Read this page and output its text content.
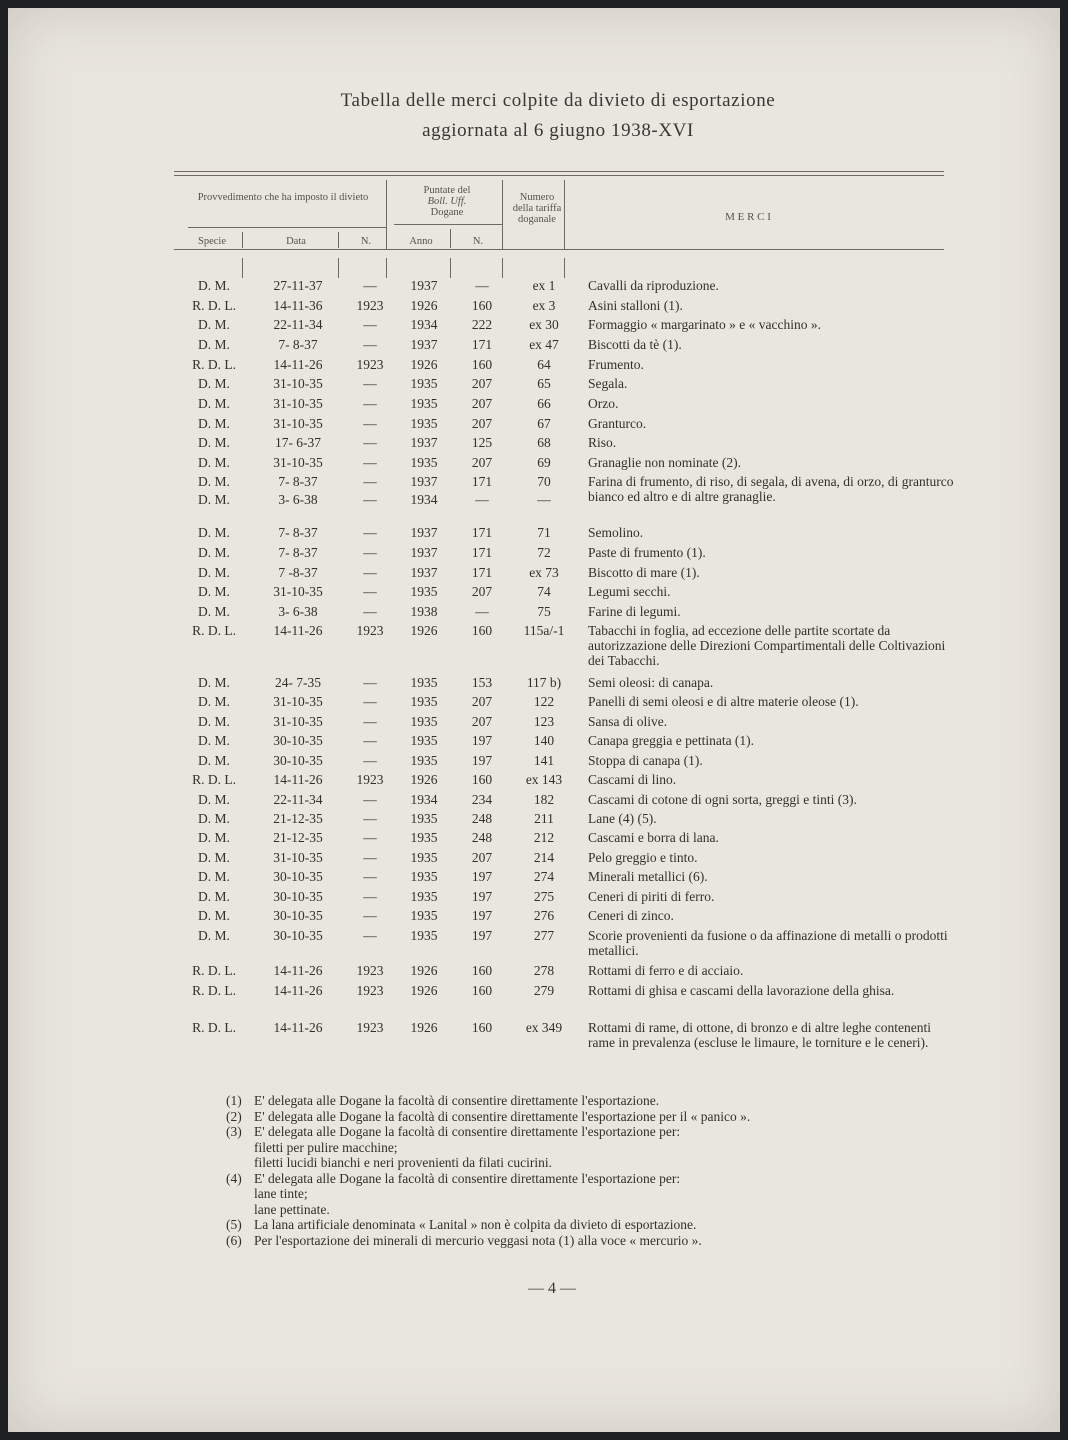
Tabella delle merci colpite da divieto di esportazione
aggiornata al 6 giugno 1938-XVI
Provvedimento che ha imposto il divieto
Puntate del
Boll. Uff.
Dogane
Numero della tariffa doganale	M E R C I
Specie	Data	N.	Anno	N.
D. M.	27-11-37	—	1937	—	ex 1	Cavalli da riproduzione.
R. D. L.	14-11-36	1923	1926	160	ex 3	Asini stalloni (1).
D. M.	22-11-34	—	1934	222	ex 30	Formaggio « margarinato » e « vacchino ».
D. M.	7- 8-37	—	1937	171	ex 47	Biscotti da tè (1).
R. D. L.	14-11-26	1923	1926	160	64	Frumento.
D. M.	31-10-35	—	1935	207	65	Segala.
D. M.	31-10-35	—	1935	207	66	Orzo.
D. M.	31-10-35	—	1935	207	67	Granturco.
D. M.	17- 6-37	—	1937	125	68	Riso.
D. M.	31-10-35	—	1935	207	69	Granaglie non nominate (2).
D. M.	7- 8-37	—	1937	171	70	Farina di frumento, di riso, di segala, di avena, di orzo, di granturco bianco ed altro e di altre granaglie.
D. M.	3- 6-38	—	1934	—	—
D. M.	7- 8-37	—	1937	171	71	Semolino.
D. M.	7- 8-37	—	1937	171	72	Paste di frumento (1).
D. M.	7 -8-37	—	1937	171	ex 73	Biscotto di mare (1).
D. M.	31-10-35	—	1935	207	74	Legumi secchi.
D. M.	3- 6-38	—	1938	—	75	Farine di legumi.
R. D. L.	14-11-26	1923	1926	160	115a/-1	Tabacchi in foglia, ad eccezione delle partite scortate da autorizzazione delle Direzioni Compartimentali delle Coltivazioni dei Tabacchi.
D. M.	24- 7-35	—	1935	153	117 b)	Semi oleosi: di canapa.
D. M.	31-10-35	—	1935	207	122	Panelli di semi oleosi e di altre materie oleose (1).
D. M.	31-10-35	—	1935	207	123	Sansa di olive.
D. M.	30-10-35	—	1935	197	140	Canapa greggia e pettinata (1).
D. M.	30-10-35	—	1935	197	141	Stoppa di canapa (1).
R. D. L.	14-11-26	1923	1926	160	ex 143	Cascami di lino.
D. M.	22-11-34	—	1934	234	182	Cascami di cotone di ogni sorta, greggi e tinti (3).
D. M.	21-12-35	—	1935	248	211	Lane (4) (5).
D. M.	21-12-35	—	1935	248	212	Cascami e borra di lana.
D. M.	31-10-35	—	1935	207	214	Pelo greggio e tinto.
D. M.	30-10-35	—	1935	197	274	Minerali metallici (6).
D. M.	30-10-35	—	1935	197	275	Ceneri di piriti di ferro.
D. M.	30-10-35	—	1935	197	276	Ceneri di zinco.
D. M.	30-10-35	—	1935	197	277	Scorie provenienti da fusione o da affinazione di metalli o prodotti metallici.
R. D. L.	14-11-26	1923	1926	160	278	Rottami di ferro e di acciaio.
R. D. L.	14-11-26	1923	1926	160	279	Rottami di ghisa e cascami della lavorazione della ghisa.
R. D. L.	14-11-26	1923	1926	160	ex 349	Rottami di rame, di ottone, di bronzo e di altre leghe contenenti rame in prevalenza (escluse le limaure, le torniture e le ceneri).
(1) E' delegata alle Dogane la facoltà di consentire direttamente l'esportazione.
(2) E' delegata alle Dogane la facoltà di consentire direttamente l'esportazione per il « panico ».
(3) E' delegata alle Dogane la facoltà di consentire direttamente l'esportazione per:
filetti per pulire macchine;
filetti lucidi bianchi e neri provenienti da filati cucirini.
(4) E' delegata alle Dogane la facoltà di consentire direttamente l'esportazione per:
lane tinte;
lane pettinate.
(5) La lana artificiale denominata « Lanital » non è colpita da divieto di esportazione.
(6) Per l'esportazione dei minerali di mercurio veggasi nota (1) alla voce « mercurio ».
— 4 —
